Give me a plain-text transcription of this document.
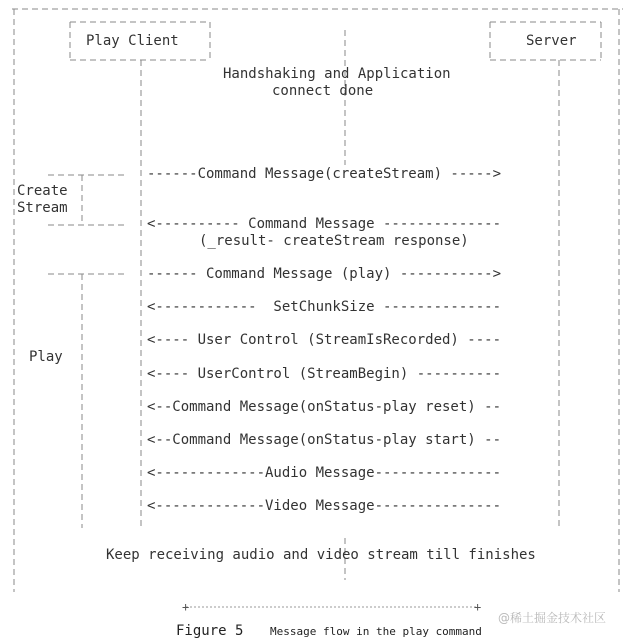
+	+
Play Client	Server
Handshaking and Application
connect done
Create
Stream
Play
------Command Message(createStream) ----->
<---------- Command Message --------------
(_result- createStream response)
------ Command Message (play) ----------->
<------------  SetChunkSize --------------
<---- User Control (StreamIsRecorded) ----
<---- UserControl (StreamBegin) ----------
<--Command Message(onStatus-play reset) --
<--Command Message(onStatus-play start) --
<-------------Audio Message---------------
<-------------Video Message---------------
Keep receiving audio and video stream till finishes
Figure 5 Message flow in the play command
@稀土掘金技术社区
